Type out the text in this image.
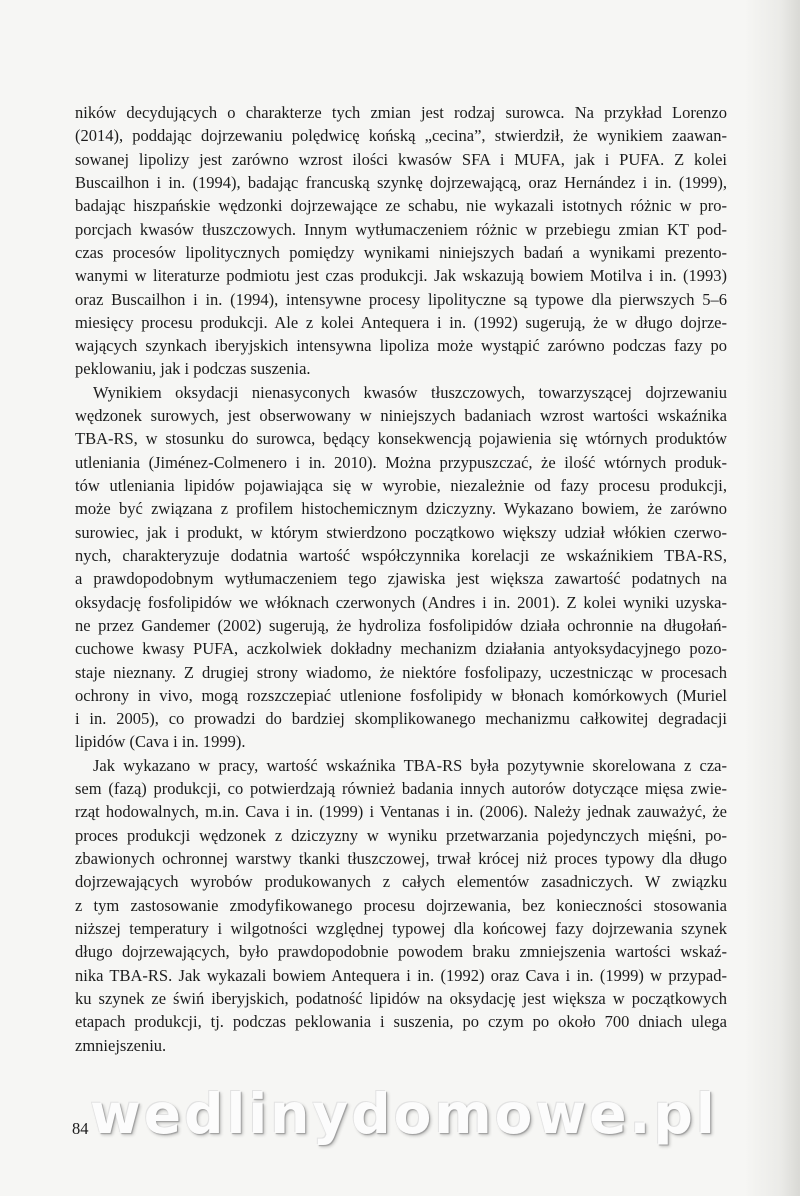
ników decydujących o charakterze tych zmian jest rodzaj surowca. Na przykład Lorenzo
(2014), poddając dojrzewaniu polędwicę końską „cecina”, stwierdził, że wynikiem zaawan-
sowanej lipolizy jest zarówno wzrost ilości kwasów SFA i MUFA, jak i PUFA. Z kolei
Buscailhon i in. (1994), badając francuską szynkę dojrzewającą, oraz Hernández i in. (1999),
badając hiszpańskie wędzonki dojrzewające ze schabu, nie wykazali istotnych różnic w pro-
porcjach kwasów tłuszczowych. Innym wytłumaczeniem różnic w przebiegu zmian KT pod-
czas procesów lipolitycznych pomiędzy wynikami niniejszych badań a wynikami prezento-
wanymi w literaturze podmiotu jest czas produkcji. Jak wskazują bowiem Motilva i in. (1993)
oraz Buscailhon i in. (1994), intensywne procesy lipolityczne są typowe dla pierwszych 5–6
miesięcy procesu produkcji. Ale z kolei Antequera i in. (1992) sugerują, że w długo dojrze-
wających szynkach iberyjskich intensywna lipoliza może wystąpić zarówno podczas fazy po
peklowaniu, jak i podczas suszenia.
Wynikiem oksydacji nienasyconych kwasów tłuszczowych, towarzyszącej dojrzewaniu
wędzonek surowych, jest obserwowany w niniejszych badaniach wzrost wartości wskaźnika
TBA-RS, w stosunku do surowca, będący konsekwencją pojawienia się wtórnych produktów
utleniania (Jiménez-Colmenero i in. 2010). Można przypuszczać, że ilość wtórnych produk-
tów utleniania lipidów pojawiająca się w wyrobie, niezależnie od fazy procesu produkcji,
może być związana z profilem histochemicznym dziczyzny. Wykazano bowiem, że zarówno
surowiec, jak i produkt, w którym stwierdzono początkowo większy udział włókien czerwo-
nych, charakteryzuje dodatnia wartość współczynnika korelacji ze wskaźnikiem TBA-RS,
a prawdopodobnym wytłumaczeniem tego zjawiska jest większa zawartość podatnych na
oksydację fosfolipidów we włóknach czerwonych (Andres i in. 2001). Z kolei wyniki uzyska-
ne przez Gandemer (2002) sugerują, że hydroliza fosfolipidów działa ochronnie na długołań-
cuchowe kwasy PUFA, aczkolwiek dokładny mechanizm działania antyoksydacyjnego pozo-
staje nieznany. Z drugiej strony wiadomo, że niektóre fosfolipazy, uczestnicząc w procesach
ochrony in vivo, mogą rozszczepiać utlenione fosfolipidy w błonach komórkowych (Muriel
i in. 2005), co prowadzi do bardziej skomplikowanego mechanizmu całkowitej degradacji
lipidów (Cava i in. 1999).
Jak wykazano w pracy, wartość wskaźnika TBA-RS była pozytywnie skorelowana z cza-
sem (fazą) produkcji, co potwierdzają również badania innych autorów dotyczące mięsa zwie-
rząt hodowalnych, m.in. Cava i in. (1999) i Ventanas i in. (2006). Należy jednak zauważyć, że
proces produkcji wędzonek z dziczyzny w wyniku przetwarzania pojedynczych mięśni, po-
zbawionych ochronnej warstwy tkanki tłuszczowej, trwał krócej niż proces typowy dla długo
dojrzewających wyrobów produkowanych z całych elementów zasadniczych. W związku
z tym zastosowanie zmodyfikowanego procesu dojrzewania, bez konieczności stosowania
niższej temperatury i wilgotności względnej typowej dla końcowej fazy dojrzewania szynek
długo dojrzewających, było prawdopodobnie powodem braku zmniejszenia wartości wskaź-
nika TBA-RS. Jak wykazali bowiem Antequera i in. (1992) oraz Cava i in. (1999) w przypad-
ku szynek ze świń iberyjskich, podatność lipidów na oksydację jest większa w początkowych
etapach produkcji, tj. podczas peklowania i suszenia, po czym po około 700 dniach ulega
zmniejszeniu.
wedlinydomowe.pl
84
